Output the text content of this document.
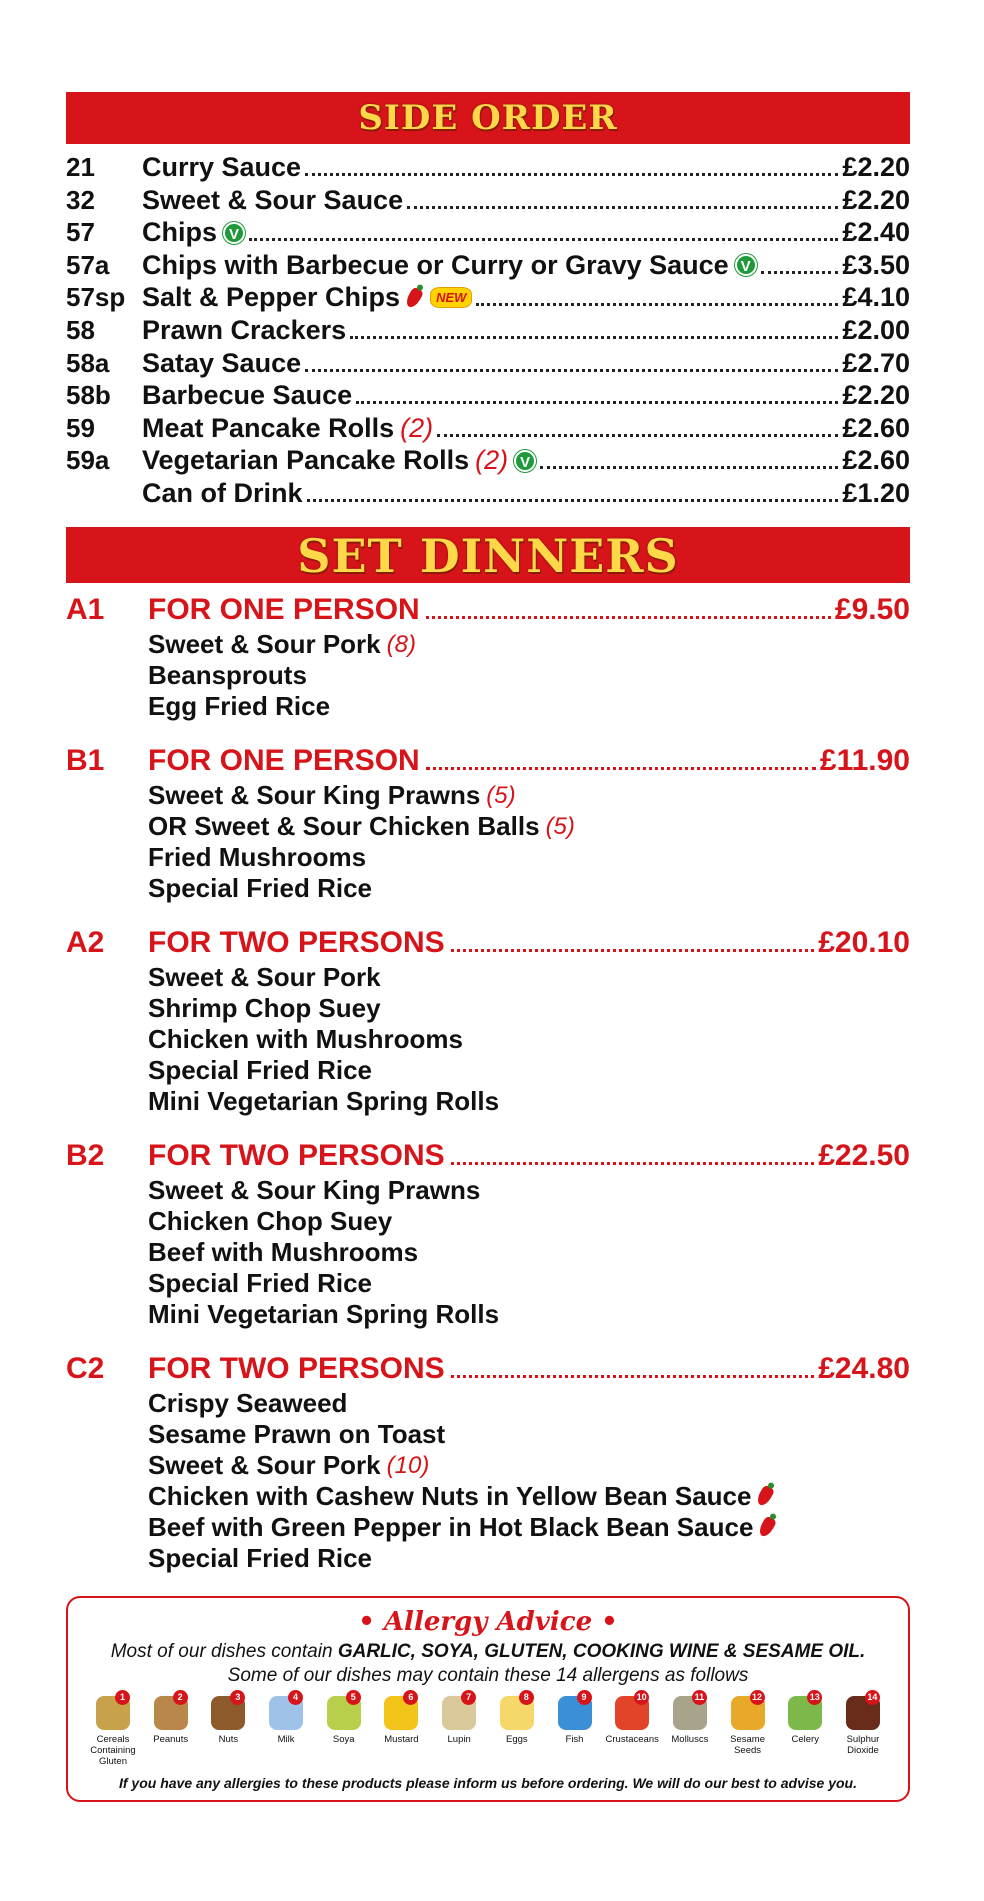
SIDE ORDER
21	Curry Sauce	£2.20
32	Sweet & Sour Sauce	£2.20
57	Chips V	£2.40
57a	Chips with Barbecue or Curry or Gravy Sauce V	£3.50
57sp Salt & Pepper Chips	NEW	£4.10
58	Prawn Crackers	£2.00
58a	Satay Sauce	£2.70
58b	Barbecue Sauce	£2.20
59	Meat Pancake Rolls (2)	£2.60
59a	Vegetarian Pancake Rolls (2) V	£2.60
Can of Drink	£1.20
SET DINNERS
A1	FOR ONE PERSON	£9.50
Sweet & Sour Pork (8)
Beansprouts
Egg Fried Rice
B1	FOR ONE PERSON	£11.90
Sweet & Sour King Prawns (5)
OR Sweet & Sour Chicken Balls (5)
Fried Mushrooms
Special Fried Rice
A2	FOR TWO PERSONS	£20.10
Sweet & Sour Pork
Shrimp Chop Suey
Chicken with Mushrooms
Special Fried Rice
Mini Vegetarian Spring Rolls
B2	FOR TWO PERSONS	£22.50
Sweet & Sour King Prawns
Chicken Chop Suey
Beef with Mushrooms
Special Fried Rice
Mini Vegetarian Spring Rolls
C2	FOR TWO PERSONS	£24.80
Crispy Seaweed
Sesame Prawn on Toast
Sweet & Sour Pork (10)
Chicken with Cashew Nuts in Yellow Bean Sauce
Beef with Green Pepper in Hot Black Bean Sauce
Special Fried Rice
• Allergy Advice •
Most of our dishes contain GARLIC, SOYA, GLUTEN, COOKING WINE & SESAME OIL.
Some of our dishes may contain these 14 allergens as follows
1
Cereals
Containing Gluten
2
Peanuts
3
Nuts
4
Milk
5
Soya
6
Mustard
7
Lupin
8
Eggs
9
Fish
10
Crustaceans
11
Molluscs
12
Sesame
Seeds
13
Celery
14
Sulphur
Dioxide
If you have any allergies to these products please inform us before ordering. We will do our best to advise you.
